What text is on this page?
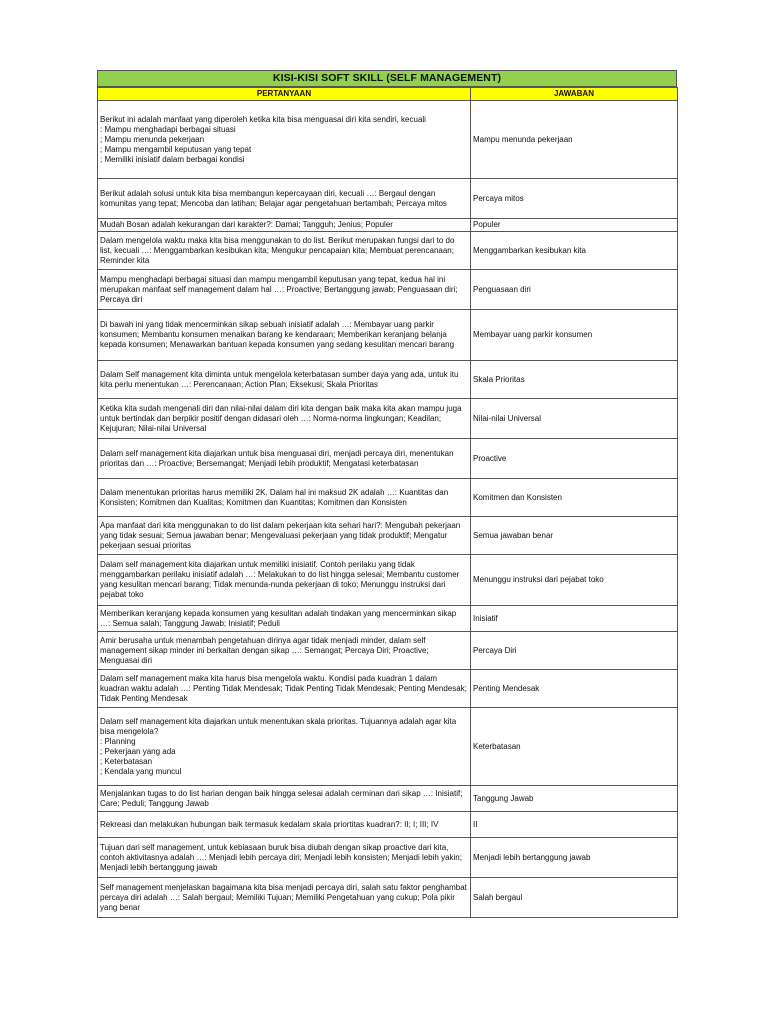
KISI-KISI SOFT SKILL (SELF MANAGEMENT)
PERTANYAAN	JAWABAN
Berikut ini adalah manfaat yang diperoleh ketika kita bisa menguasai diri kita sendiri, kecuali
: Mampu menghadapi berbagai situasi
; Mampu menunda pekerjaan
; Mampu mengambil keputusan yang tepat
; Memiliki inisiatif dalam berbagai kondisi	Mampu menunda pekerjaan
Berikut adalah solusi untuk kita bisa membangun kepercayaan diri, kecuali …: Bergaul dengan komunitas yang tepat; Mencoba dan latihan; Belajar agar pengetahuan bertambah; Percaya mitos	Percaya mitos
Mudah Bosan adalah kekurangan dari karakter?: Damai; Tangguh; Jenius; Populer	Populer
Dalam mengelola waktu maka kita bisa menggunakan to do list. Berikut merupakan fungsi dari to do list, kecuali …: Menggambarkan kesibukan kita; Mengukur pencapaian kita; Membuat perencanaan; Reminder kita	Menggambarkan kesibukan kita
Mampu menghadapi berbagai situasi dan mampu mengambil keputusan yang tepat, kedua hal ini merupakan manfaat self management dalam hal …: Proactive; Bertanggung jawab; Penguasaan diri; Percaya diri	Penguasaan diri
Di bawah ini yang tidak mencerminkan sikap sebuah inisiatif adalah …: Membayar uang parkir konsumen; Membantu konsumen menaikan barang ke kendaraan; Memberikan keranjang belanja kepada konsumen; Menawarkan bantuan kepada konsumen yang sedang kesulitan mencari barang	Membayar uang parkir konsumen
Dalam Self management kita diminta untuk mengelola keterbatasan sumber daya yang ada, untuk itu kita perlu menentukan …: Perencanaan; Action Plan; Eksekusi; Skala Prioritas	Skala Prioritas
Ketika kita sudah mengenali diri dan nilai-nilai dalam diri kita dengan baik maka kita akan mampu juga untuk bertindak dan berpikir positif dengan didasari oleh …: Norma-norma lingkungan; Keadilan; Kejujuran; Nilai-nilai Universal	Nilai-nilai Universal
Dalam self management kita diajarkan untuk bisa menguasai diri, menjadi percaya diri, menentukan prioritas dan …: Proactive; Bersemangat; Menjadi lebih produktif; Mengatasi keterbatasan	Proactive
Dalam menentukan prioritas harus memiliki 2K. Dalam hal ini maksud 2K adalah …: Kuantitas dan Konsisten; Komitmen dan Kualitas; Komitmen dan Kuantitas; Komitmen dan Konsisten	Komitmen dan Konsisten
Apa manfaat dari kita menggunakan to do list dalam pekerjaan kita sehari hari?: Mengubah pekerjaan yang tidak sesuai; Semua jawaban benar; Mengevaluasi pekerjaan yang tidak produktif; Mengatur pekerjaan sesuai prioritas	Semua jawaban benar
Dalam self management kita diajarkan untuk memiliki inisiatif. Contoh perilaku yang tidak menggambarkan perilaku inisiatif adalah …: Melakukan to do list hingga selesai; Membantu customer yang kesulitan mencari barang; Tidak menunda-nunda pekerjaan di toko; Menunggu instruksi dari pejabat toko	Menunggu instruksi dari pejabat toko
Memberikan keranjang kepada konsumen yang kesulitan adalah tindakan yang mencerminkan sikap …: Semua salah; Tanggung Jawab; Inisiatif; Peduli	Inisiatif
Amir berusaha untuk menambah pengetahuan dirinya agar tidak menjadi minder, dalam self management sikap minder ini berkaitan dengan sikap …: Semangat; Percaya Diri; Proactive; Menguasai diri	Percaya Diri
Dalam self management maka kita harus bisa mengelola waktu. Kondisi pada kuadran 1 dalam kuadran waktu adalah …: Penting Tidak Mendesak; Tidak Penting Tidak Mendesak; Penting Mendesak; Tidak Penting Mendesak	Penting Mendesak
Dalam self management kita diajarkan untuk menentukan skala prioritas. Tujuannya adalah agar kita bisa mengelola?
: Planning
; Pekerjaan yang ada
; Keterbatasan
; Kendala yang muncul	Keterbatasan
Menjalankan tugas to do list harian dengan baik hingga selesai adalah cerminan dari sikap …: Inisiatif; Care; Peduli; Tanggung Jawab	Tanggung Jawab
Rekreasi dan melakukan hubungan baik termasuk kedalam skala priortitas kuadran?: II; I; III; IV	II
Tujuan dari self management, untuk kebiasaan buruk bisa diubah dengan sikap proactive dari kita, contoh aktivitasnya adalah …: Menjadi lebih percaya diri; Menjadi lebih konsisten; Menjadi lebih yakin; Menjadi lebih bertanggung jawab	Menjadi lebih bertanggung jawab
Self management menjelaskan bagaimana kita bisa menjadi percaya diri, salah satu faktor penghambat percaya diri adalah …: Salah bergaul; Memiliki Tujuan; Memiliki Pengetahuan yang cukup; Pola pikir yang benar	Salah bergaul
